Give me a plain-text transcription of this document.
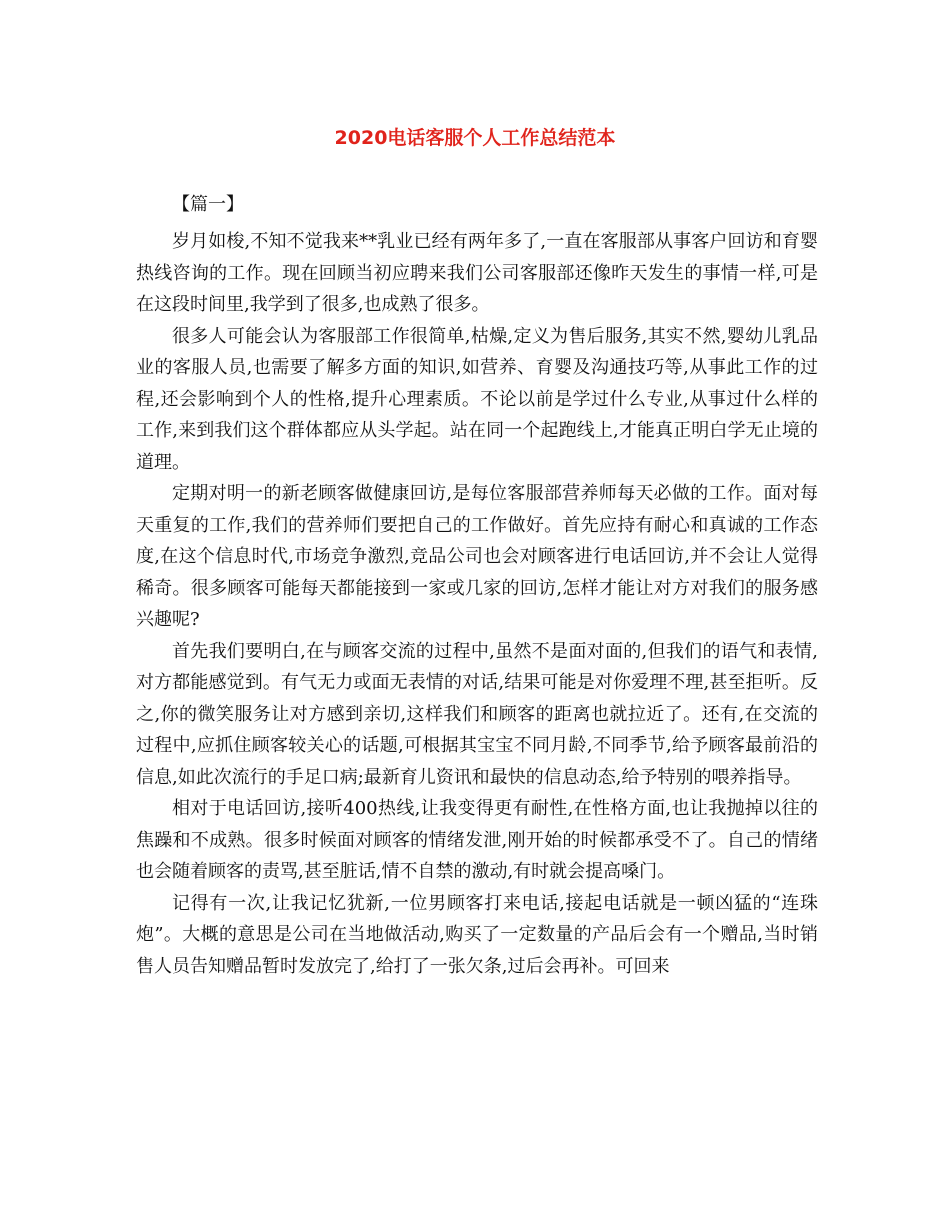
2020电话客服个人工作总结范本
【篇一】

岁月如梭,不知不觉我来**乳业已经有两年多了,一直在客服部从事客户回访和育婴热线咨询的工作。现在回顾当初应聘来我们公司客服部还像昨天发生的事情一样,可是在这段时间里,我学到了很多,也成熟了很多。

很多人可能会认为客服部工作很简单,枯燥,定义为售后服务,其实不然,婴幼儿乳品业的客服人员,也需要了解多方面的知识,如营养、育婴及沟通技巧等,从事此工作的过程,还会影响到个人的性格,提升心理素质。不论以前是学过什么专业,从事过什么样的工作,来到我们这个群体都应从头学起。站在同一个起跑线上,才能真正明白学无止境的道理。

定期对明一的新老顾客做健康回访,是每位客服部营养师每天必做的工作。面对每天重复的工作,我们的营养师们要把自己的工作做好。首先应持有耐心和真诚的工作态度,在这个信息时代,市场竞争激烈,竞品公司也会对顾客进行电话回访,并不会让人觉得稀奇。很多顾客可能每天都能接到一家或几家的回访,怎样才能让对方对我们的服务感兴趣呢?

首先我们要明白,在与顾客交流的过程中,虽然不是面对面的,但我们的语气和表情,对方都能感觉到。有气无力或面无表情的对话,结果可能是对你爱理不理,甚至拒听。反之,你的微笑服务让对方感到亲切,这样我们和顾客的距离也就拉近了。还有,在交流的过程中,应抓住顾客较关心的话题,可根据其宝宝不同月龄,不同季节,给予顾客最前沿的信息,如此次流行的手足口病;最新育儿资讯和最快的信息动态,给予特别的喂养指导。

相对于电话回访,接听400热线,让我变得更有耐性,在性格方面,也让我抛掉以往的焦躁和不成熟。很多时候面对顾客的情绪发泄,刚开始的时候都承受不了。自己的情绪也会随着顾客的责骂,甚至脏话,情不自禁的激动,有时就会提高嗓门。

记得有一次,让我记忆犹新,一位男顾客打来电话,接起电话就是一顿凶猛的“连珠炮”。大概的意思是公司在当地做活动,购买了一定数量的产品后会有一个赠品,当时销售人员告知赠品暂时发放完了,给打了一张欠条,过后会再补。可回来
